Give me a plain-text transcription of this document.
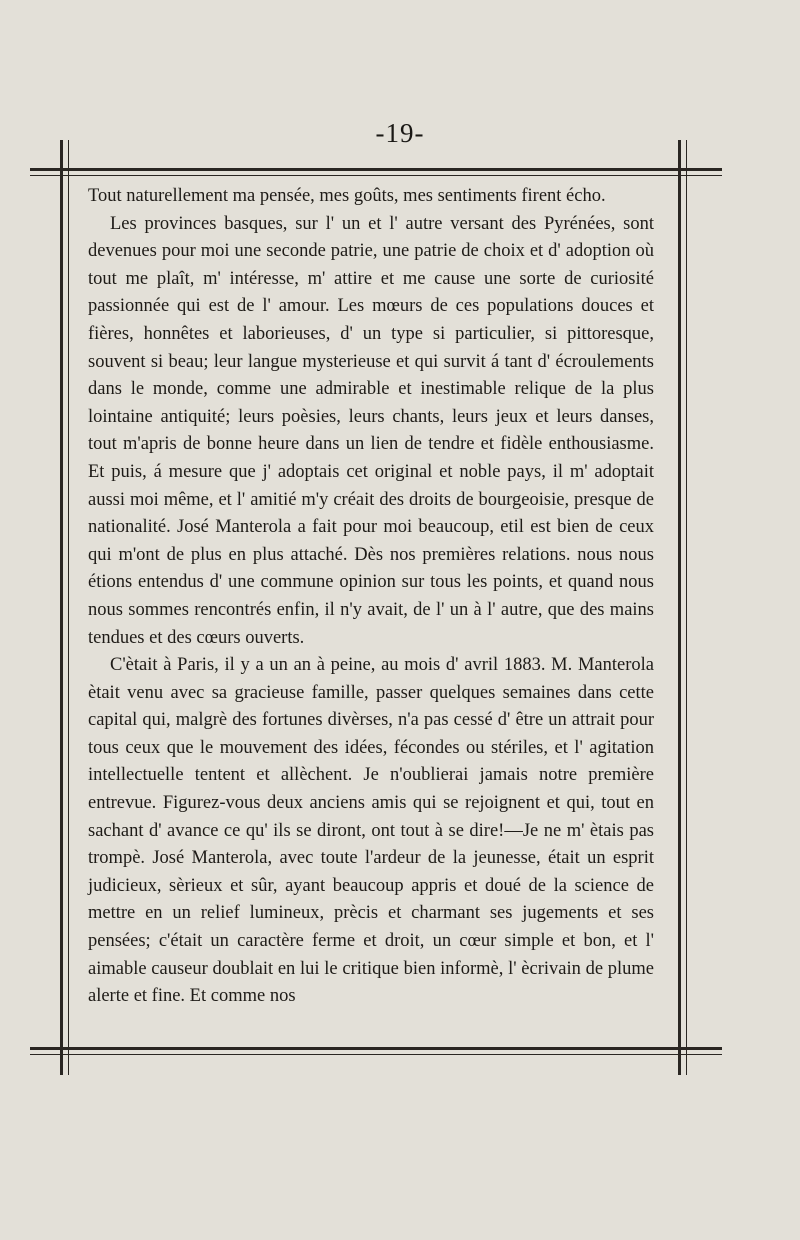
-19-

Tout naturellement ma pensée, mes goûts, mes sentiments firent écho.

Les provinces basques, sur l' un et l' autre versant des Pyrénées, sont devenues pour moi une seconde patrie, une patrie de choix et d' adoption où tout me plaît, m' intéresse, m' attire et me cause une sorte de curiosité passionnée qui est de l' amour. Les mœurs de ces populations douces et fières, honnêtes et laborieuses, d' un type si particulier, si pittoresque, souvent si beau; leur langue mysterieuse et qui survit á tant d' écroulements dans le monde, comme une admirable et inestimable relique de la plus lointaine antiquité; leurs poèsies, leurs chants, leurs jeux et leurs danses, tout m'apris de bonne heure dans un lien de tendre et fidèle enthousiasme. Et puis, á mesure que j' adoptais cet original et noble pays, il m' adoptait aussi moi même, et l' amitié m'y créait des droits de bourgeoisie, presque de nationalité. José Manterola a fait pour moi beaucoup, etil est bien de ceux qui m'ont de plus en plus attaché. Dès nos premières relations. nous nous étions entendus d' une commune opinion sur tous les points, et quand nous nous sommes rencontrés enfin, il n'y avait, de l' un à l' autre, que des mains tendues et des cœurs ouverts.

C'ètait à Paris, il y a un an à peine, au mois d' avril 1883. M. Manterola ètait venu avec sa gracieuse famille, passer quelques semaines dans cette capital qui, malgrè des fortunes divèrses, n'a pas cessé d' être un attrait pour tous ceux que le mouvement des idées, fécondes ou stériles, et l' agitation intellectuelle tentent et allèchent. Je n'oublierai jamais notre première entrevue. Figurez-vous deux anciens amis qui se rejoignent et qui, tout en sachant d' avance ce qu' ils se diront, ont tout à se dire!—Je ne m' ètais pas trompè. José Manterola, avec toute l'ardeur de la jeunesse, était un esprit judicieux, sèrieux et sûr, ayant beaucoup appris et doué de la science de mettre en un relief lumineux, prècis et charmant ses jugements et ses pensées; c'était un caractère ferme et droit, un cœur simple et bon, et l' aimable causeur doublait en lui le critique bien informè, l' ècrivain de plume alerte et fine. Et comme nos
